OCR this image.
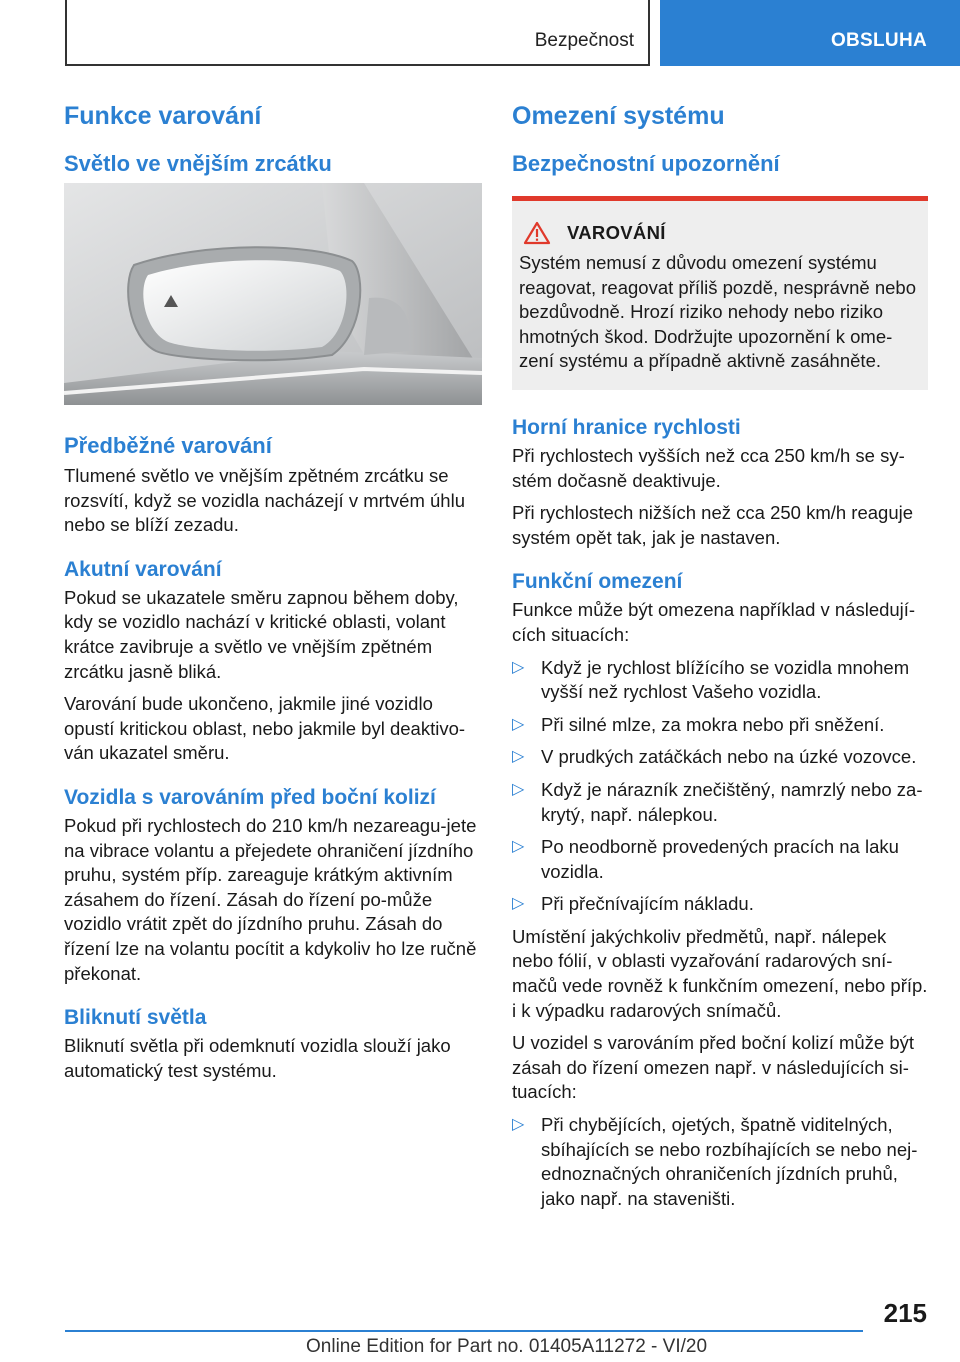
Bezpečnost	OBSLUHA
Funkce varování
Světlo ve vnějším zrcátku
Předběžné varování
Tlumené světlo ve vnějším zpětném zrcátku se rozsvítí, když se vozidla nacházejí v mrtvém úhlu nebo se blíží zezadu.
Akutní varování
Pokud se ukazatele směru zapnou během doby, kdy se vozidlo nachází v kritické oblasti, volant krátce zavibruje a světlo ve vnějším zpětném zrcátku jasně bliká.
Varování bude ukončeno, jakmile jiné vozidlo opustí kritickou oblast, nebo jakmile byl deaktivo‐ván ukazatel směru.
Vozidla s varováním před boční kolizí
Pokud při rychlostech do 210 km/h nezareagu‐jete na vibrace volantu a přejedete ohraničení jízdního pruhu, systém příp. zareaguje krátkým aktivním zásahem do řízení. Zásah do řízení po‐může vozidlo vrátit zpět do jízdního pruhu. Zásah do řízení lze na volantu pocítit a kdykoliv ho lze ručně překonat.
Bliknutí světla
Bliknutí světla při odemknutí vozidla slouží jako automatický test systému.
Omezení systému
Bezpečnostní upozornění
VAROVÁNÍ
Systém nemusí z důvodu omezení systému reagovat, reagovat příliš pozdě, nesprávně nebo bezdůvodně. Hrozí riziko nehody nebo riziko hmotných škod. Dodržujte upozornění k ome‐zení systému a případně aktivně zasáhněte.
Horní hranice rychlosti
Při rychlostech vyšších než cca 250 km/h se sy‐stém dočasně deaktivuje.
Při rychlostech nižších než cca 250 km/h reaguje systém opět tak, jak je nastaven.
Funkční omezení
Funkce může být omezena například v následují‐cích situacích:
▷ Když je rychlost blížícího se vozidla mnohem vyšší než rychlost Vašeho vozidla.
▷ Při silné mlze, za mokra nebo při sněžení.
▷ V prudkých zatáčkách nebo na úzké vozovce.
▷ Když je nárazník znečištěný, namrzlý nebo za‐krytý, např. nálepkou.
▷ Po neodborně provedených pracích na laku vozidla.
▷ Při přečnívajícím nákladu.
Umístění jakýchkoliv předmětů, např. nálepek nebo fólií, v oblasti vyzařování radarových sní‐mačů vede rovněž k funkčním omezení, nebo příp. i k výpadku radarových snímačů.
U vozidel s varováním před boční kolizí může být zásah do řízení omezen např. v následujících si‐tuacích:
▷ Při chybějících, ojetých, špatně viditelných, sbíhajících se nebo rozbíhajících se nebo nej‐ednoznačných ohraničeních jízdních pruhů, jako např. na staveništi.
215
Online Edition for Part no. 01405A11272 - VI/20
